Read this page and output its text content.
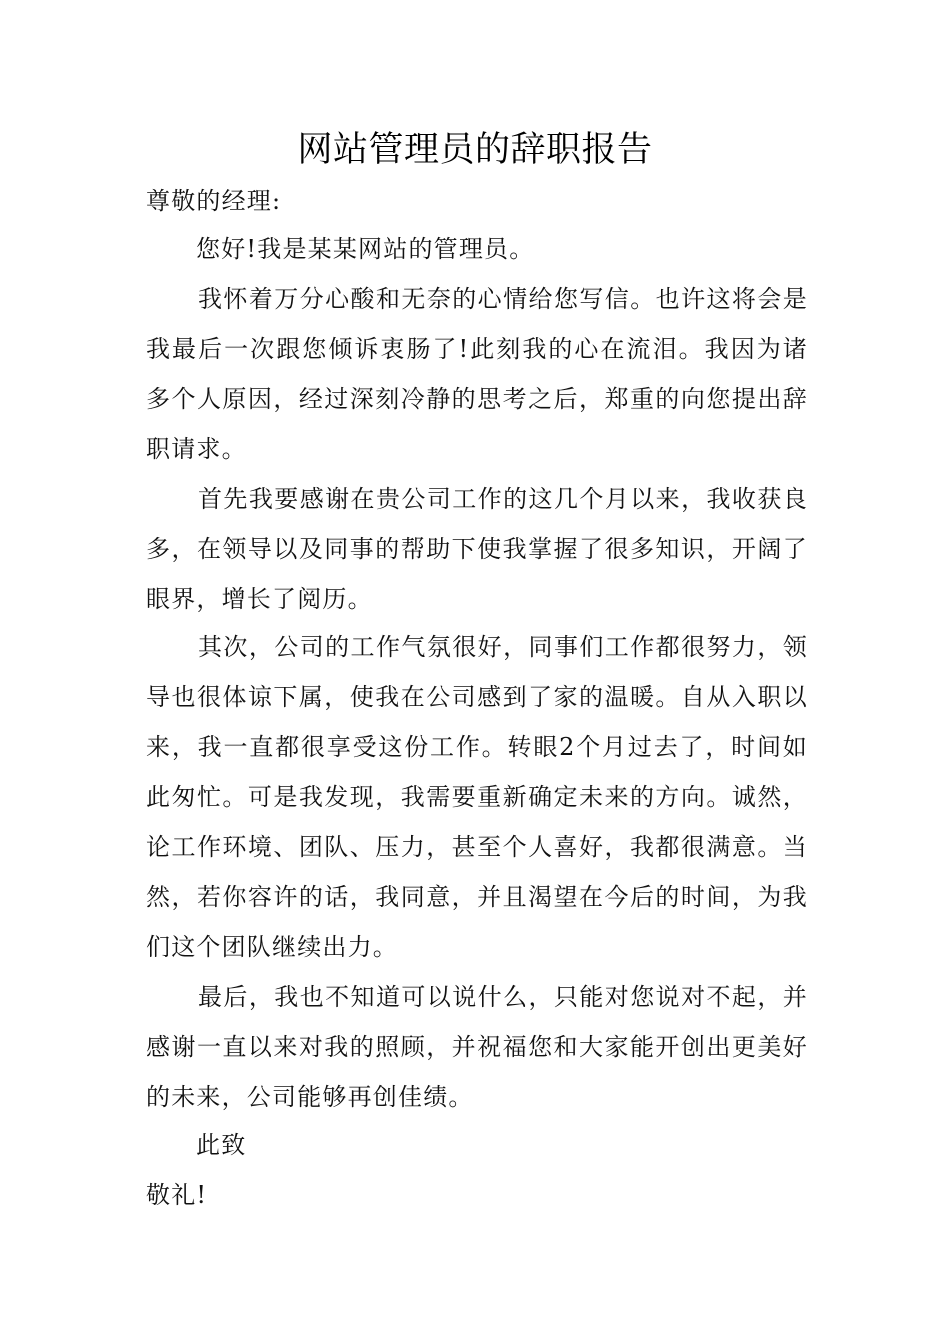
网站管理员的辞职报告

尊敬的经理:

您好!我是某某网站的管理员。

我怀着万分心酸和无奈的心情给您写信。也许这将会是我最后一次跟您倾诉衷肠了!此刻我的心在流泪。我因为诸多个人原因，经过深刻冷静的思考之后，郑重的向您提出辞职请求。

首先我要感谢在贵公司工作的这几个月以来，我收获良多，在领导以及同事的帮助下使我掌握了很多知识，开阔了眼界，增长了阅历。

其次，公司的工作气氛很好，同事们工作都很努力，领导也很体谅下属，使我在公司感到了家的温暖。自从入职以来，我一直都很享受这份工作。转眼2个月过去了，时间如此匆忙。可是我发现，我需要重新确定未来的方向。诚然，论工作环境、团队、压力，甚至个人喜好，我都很满意。当然，若你容许的话，我同意，并且渴望在今后的时间，为我们这个团队继续出力。

最后，我也不知道可以说什么，只能对您说对不起，并感谢一直以来对我的照顾，并祝福您和大家能开创出更美好的未来，公司能够再创佳绩。

此致

敬礼!
